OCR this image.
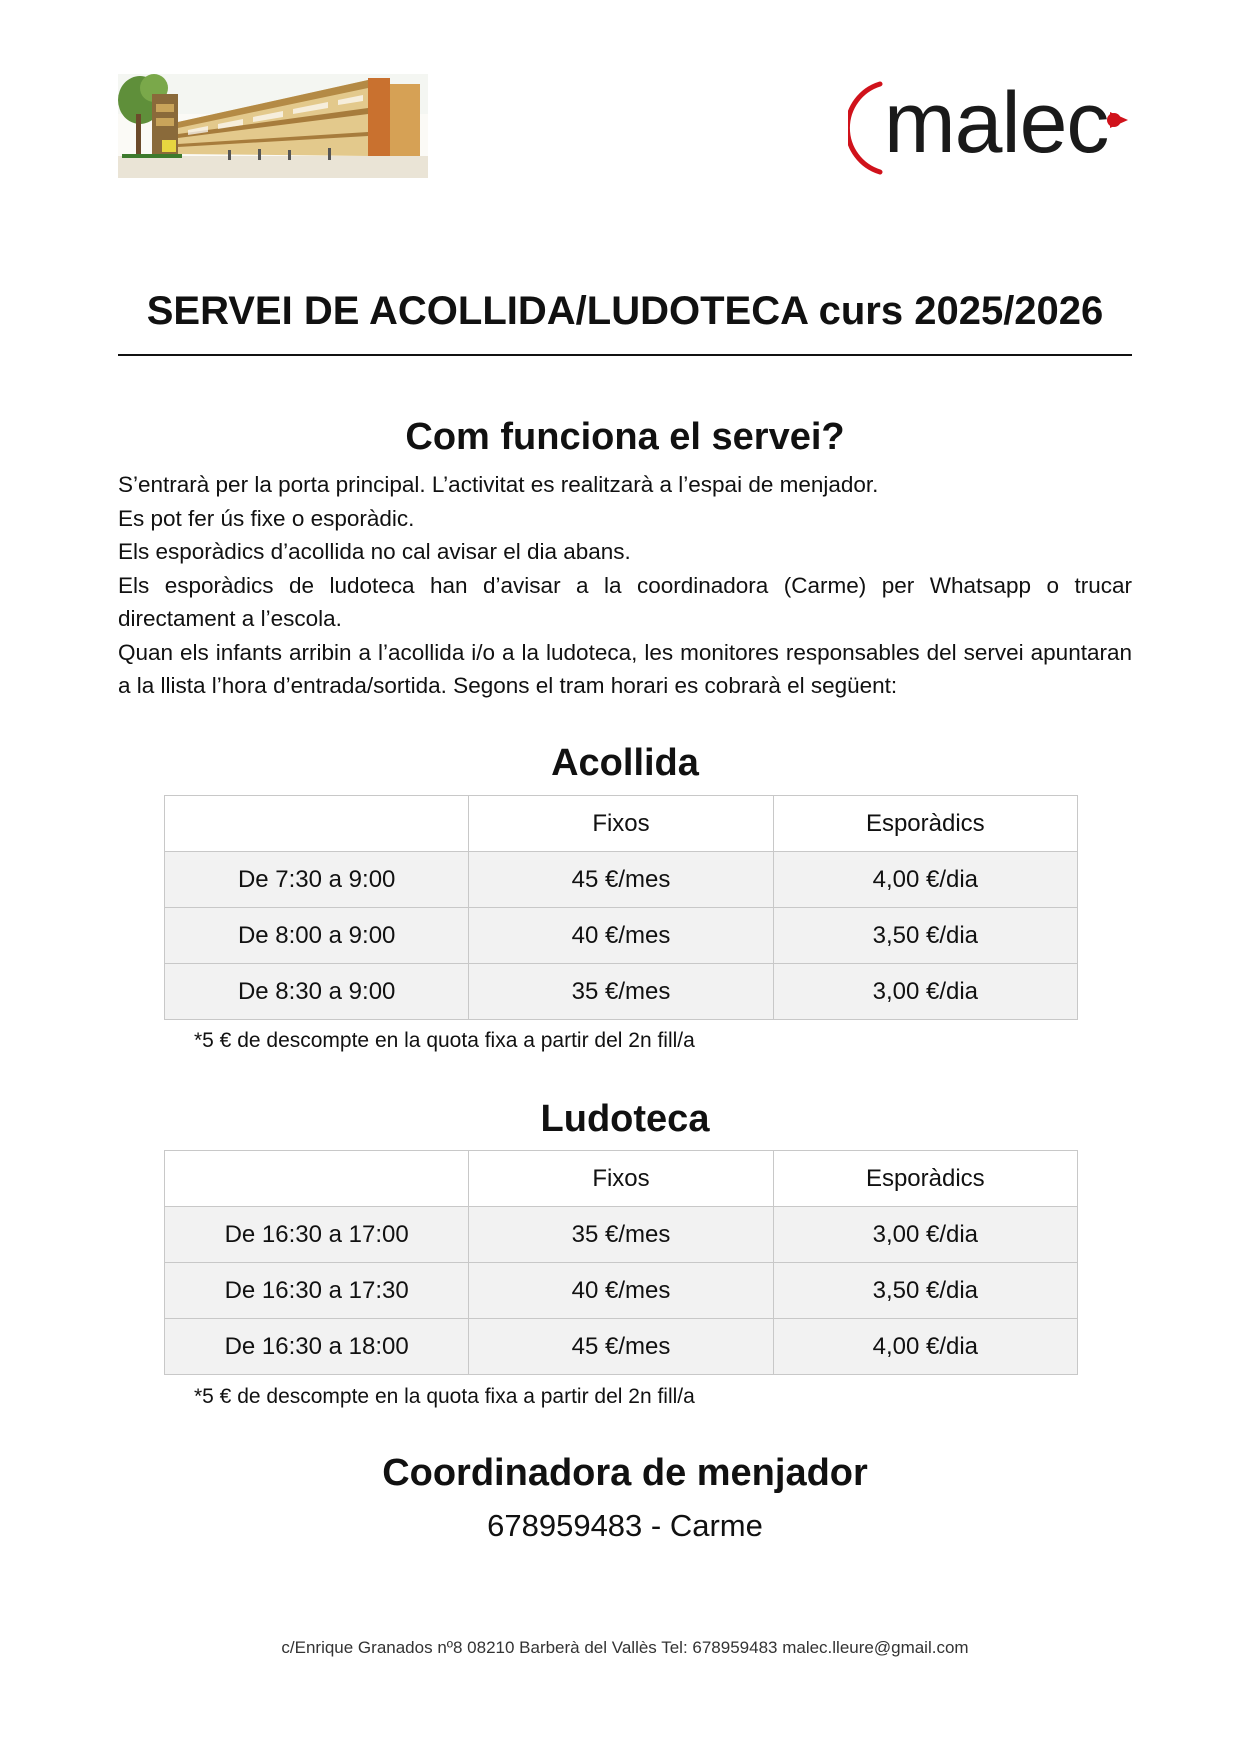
malec
SERVEI DE ACOLLIDA/LUDOTECA curs 2025/2026
Com funciona el servei?

S’entrarà per la porta principal. L’activitat es realitzarà a l’espai de menjador.

Es pot fer ús fixe o esporàdic.

Els esporàdics d’acollida no cal avisar el dia abans.

Els esporàdics de ludoteca han d’avisar a la coordinadora (Carme) per Whatsapp o trucar directament a l’escola.

Quan els infants arribin a l’acollida i/o a la ludoteca, les monitores responsables del servei apuntaran a la llista l’hora d’entrada/sortida. Segons el tram horari es cobrarà el següent:

Acollida
	Fixos	Esporàdics
De 7:30 a 9:00	45 €/mes	4,00 €/dia
De 8:00 a 9:00	40 €/mes	3,50 €/dia
De 8:30 a 9:00	35 €/mes	3,00 €/dia
*5 € de descompte en la quota fixa a partir del 2n fill/a
Ludoteca
	Fixos	Esporàdics
De 16:30 a 17:00	35 €/mes	3,00 €/dia
De 16:30 a 17:30	40 €/mes	3,50 €/dia
De 16:30 a 18:00	45 €/mes	4,00 €/dia
*5 € de descompte en la quota fixa a partir del 2n fill/a
Coordinadora de menjador
678959483 - Carme
c/Enrique Granados nº8 08210 Barberà del Vallès Tel: 678959483 malec.lleure@gmail.com
